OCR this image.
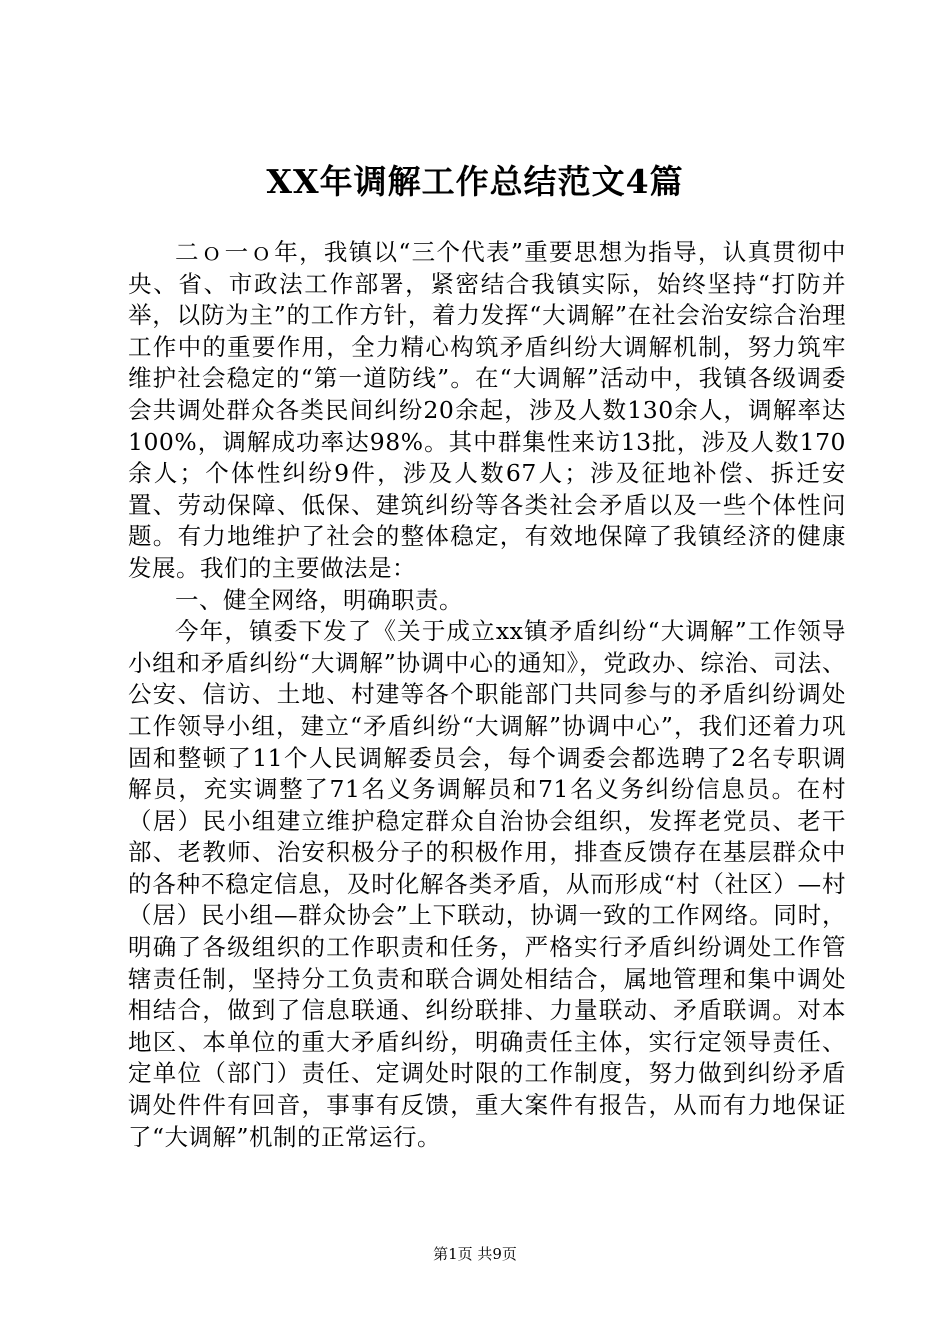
XX年调解工作总结范文4篇

二ｏ一ｏ年，我镇以“三个代表”重要思想为指导，认真贯彻中央、省、市政法工作部署，紧密结合我镇实际，始终坚持“打防并举，以防为主”的工作方针，着力发挥“大调解”在社会治安综合治理工作中的重要作用，全力精心构筑矛盾纠纷大调解机制，努力筑牢维护社会稳定的“第一道防线”。在“大调解”活动中，我镇各级调委会共调处群众各类民间纠纷20余起，涉及人数130余人，调解率达100%，调解成功率达98%。其中群集性来访13批，涉及人数170余人；个体性纠纷9件，涉及人数67人；涉及征地补偿、拆迁安置、劳动保障、低保、建筑纠纷等各类社会矛盾以及一些个体性问题。有力地维护了社会的整体稳定，有效地保障了我镇经济的健康发展。我们的主要做法是：

一、健全网络，明确职责。

今年，镇委下发了《关于成立xx镇矛盾纠纷“大调解”工作领导小组和矛盾纠纷“大调解”协调中心的通知》，党政办、综治、司法、公安、信访、土地、村建等各个职能部门共同参与的矛盾纠纷调处工作领导小组，建立“矛盾纠纷“大调解”协调中心”，我们还着力巩固和整顿了11个人民调解委员会，每个调委会都选聘了2名专职调解员，充实调整了71名义务调解员和71名义务纠纷信息员。在村（居）民小组建立维护稳定群众自治协会组织，发挥老党员、老干部、老教师、治安积极分子的积极作用，排查反馈存在基层群众中的各种不稳定信息，及时化解各类矛盾，从而形成“村（社区）—村（居）民小组—群众协会”上下联动，协调一致的工作网络。同时，明确了各级组织的工作职责和任务，严格实行矛盾纠纷调处工作管辖责任制，坚持分工负责和联合调处相结合，属地管理和集中调处相结合，做到了信息联通、纠纷联排、力量联动、矛盾联调。对本地区、本单位的重大矛盾纠纷，明确责任主体，实行定领导责任、定单位（部门）责任、定调处时限的工作制度，努力做到纠纷矛盾调处件件有回音，事事有反馈，重大案件有报告，从而有力地保证了“大调解”机制的正常运行。

第1页 共9页
